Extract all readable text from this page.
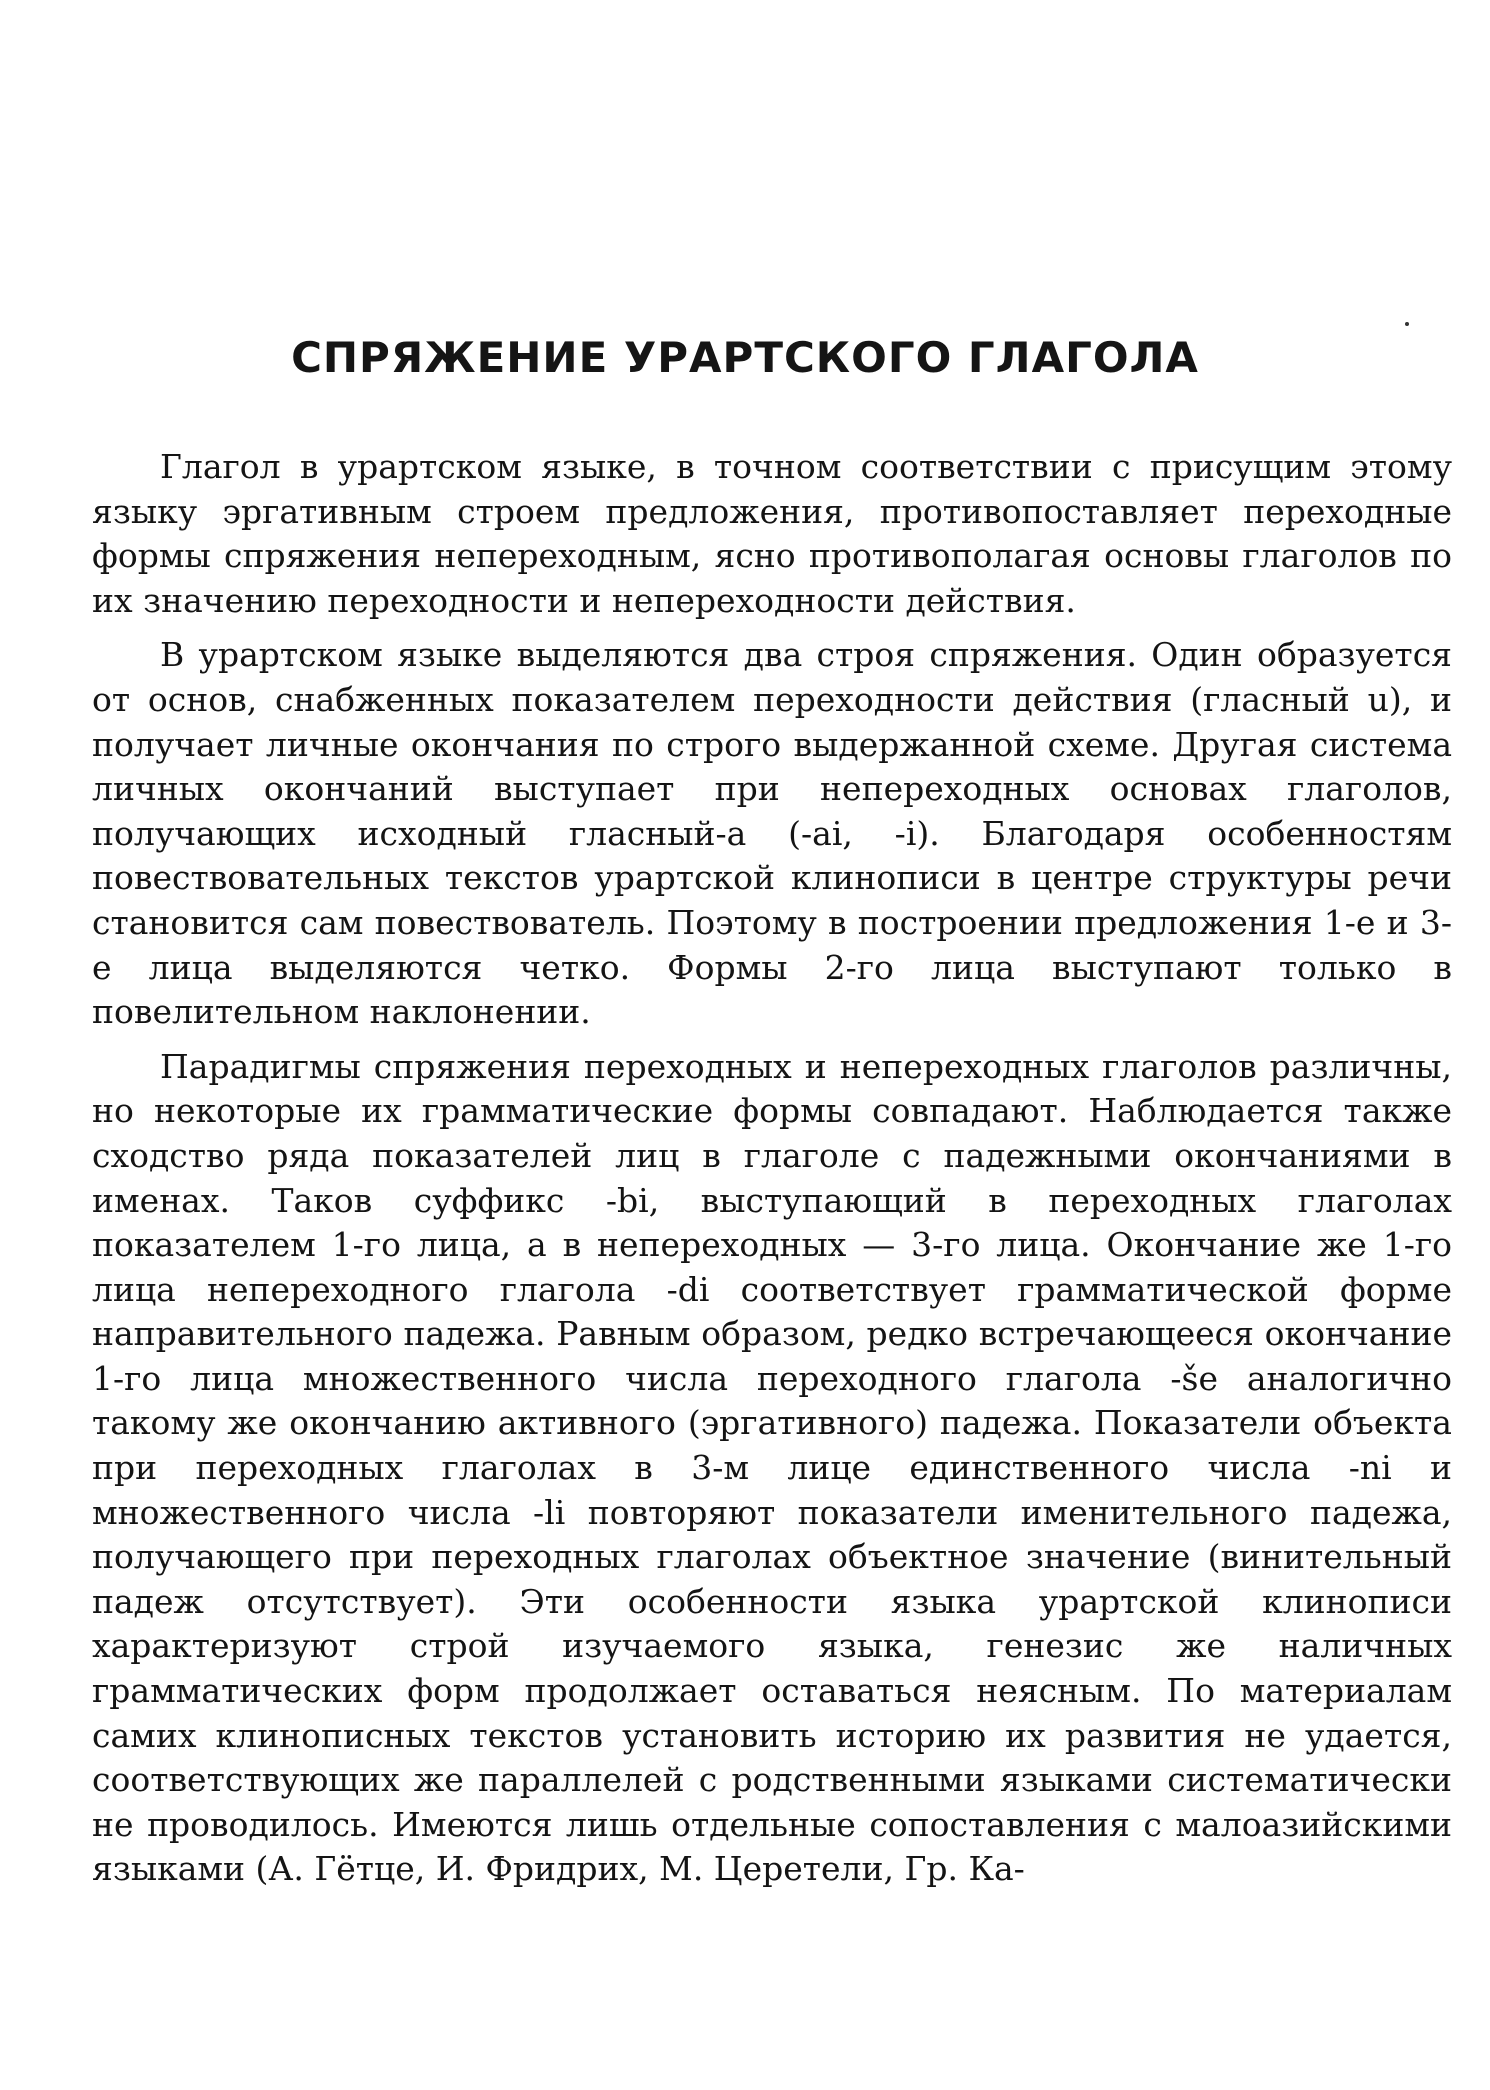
СПРЯЖЕНИЕ УРАРТСКОГО ГЛАГОЛА

Глагол в урартском языке, в точном соответствии с присущим этому языку эргативным строем предложения, противопоставляет переходные формы спряжения непереходным, ясно противополагая основы глаголов по их значению переходности и непереходности действия.

В урартском языке выделяются два строя спряжения. Один образуется от основ, снабженных показателем переходности действия (гласный u), и получает личные окончания по строго выдержанной схеме. Другая система личных окончаний выступает при непереходных основах глаголов, получающих исходный гласный-a (-ai, -i). Благодаря особенностям повествовательных текстов урартской клинописи в центре структуры речи становится сам повествователь. Поэтому в построении предложения 1-е и 3-е лица выделяются четко. Формы 2-го лица выступают только в повелительном наклонении.

Парадигмы спряжения переходных и непереходных глаголов различны, но некоторые их грамматические формы совпадают. Наблюдается также сходство ряда показателей лиц в глаголе с падежными окончаниями в именах. Таков суффикс -bi, выступающий в переходных глаголах показателем 1-го лица, а в непереходных — 3-го лица. Окончание же 1-го лица непереходного глагола -di соответствует грамматической форме направительного падежа. Равным образом, редко встречающееся окончание 1-го лица множественного числа переходного глагола -še аналогично такому же окончанию активного (эргативного) падежа. Показатели объекта при переходных глаголах в 3-м лице единственного числа -ni и множественного числа -li повторяют показатели именительного падежа, получающего при переходных глаголах объектное значение (винительный падеж отсутствует). Эти особенности языка урартской клинописи характеризуют строй изучаемого языка, генезис же наличных грамматических форм продолжает оставаться неясным. По материалам самих клинописных текстов установить историю их развития не удается, соответствующих же параллелей с родственными языками систематически не проводилось. Имеются лишь отдельные сопоставления с малоазийскими языками (А. Гётце, И. Фридрих, М. Церетели, Гр. Ка-
